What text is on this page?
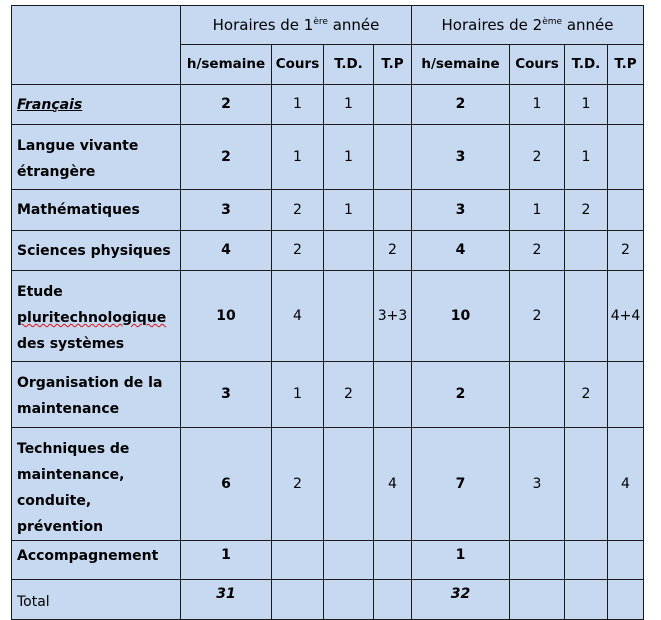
	Horaires de 1ère année				Horaires de 2ème année			
	h/semaine	Cours	T.D.	T.P	h/semaine	Cours	T.D.	T.P
Français	2	1	1		2	1	1	
Langue vivante
étrangère	2	1	1		3	2	1	
Mathématiques	3	2	1		3	1	2	
Sciences physiques	4	2		2	4	2		2
Etude
pluritechnologique
des systèmes	10	4		3+3	10	2		4+4
Organisation de la
maintenance	3	1	2		2		2	
Techniques de
maintenance,
conduite, prévention	6	2		4	7	3		4
Accompagnement	1				1			
Total	31				32			
